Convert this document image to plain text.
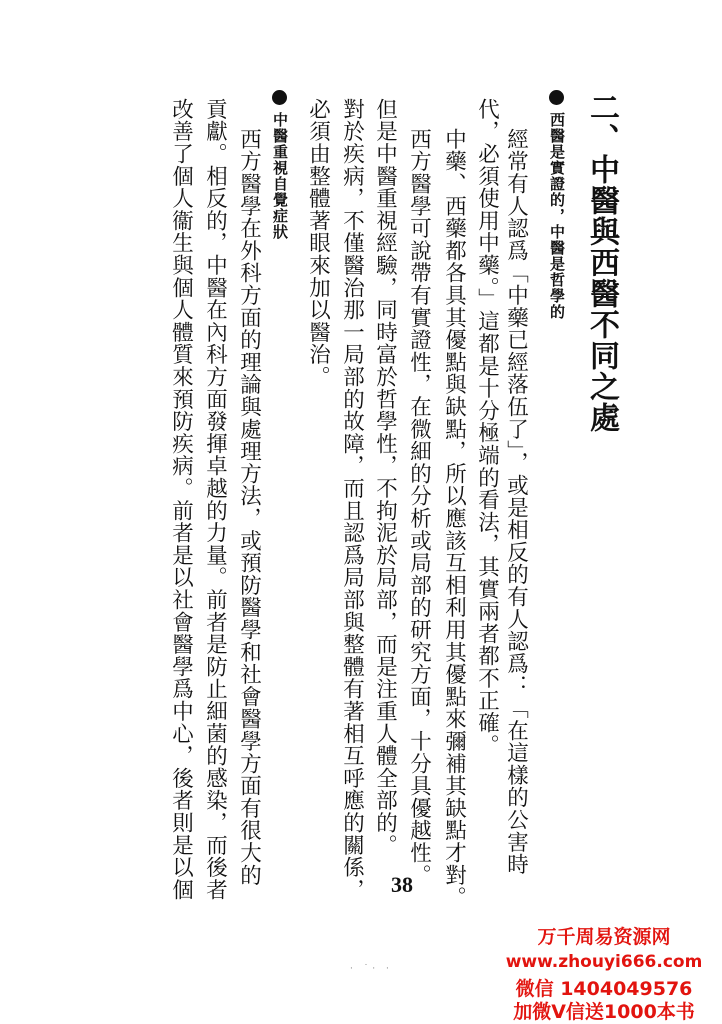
二、中醫與西醫不同之處
西醫是實證的，中醫是哲學的
經常有人認爲「中藥已經落伍了」，或是相反的有人認爲：「在這樣的公害時
代，必須使用中藥。」這都是十分極端的看法，其實兩者都不正確。
中藥、西藥都各具其優點與缺點，所以應該互相利用其優點來彌補其缺點才對。
西方醫學可說帶有實證性，在微細的分析或局部的研究方面，十分具優越性。
但是中醫重視經驗，同時富於哲學性，不拘泥於局部，而是注重人體全部的。
對於疾病，不僅醫治那一局部的故障，而且認爲局部與整體有著相互呼應的關係，
必須由整體著眼來加以醫治。
中醫重視自覺症狀
西方醫學在外科方面的理論與處理方法，或預防醫學和社會醫學方面有很大的
貢獻。相反的，中醫在內科方面發揮卓越的力量。前者是防止細菌的感染，而後者
改善了個人衞生與個人體質來預防疾病。前者是以社會醫學爲中心，後者則是以個	38
· ˙· ·
万千周易资源网
www.zhouyi666.com
微信 1404049576
加微V信送1000本书
